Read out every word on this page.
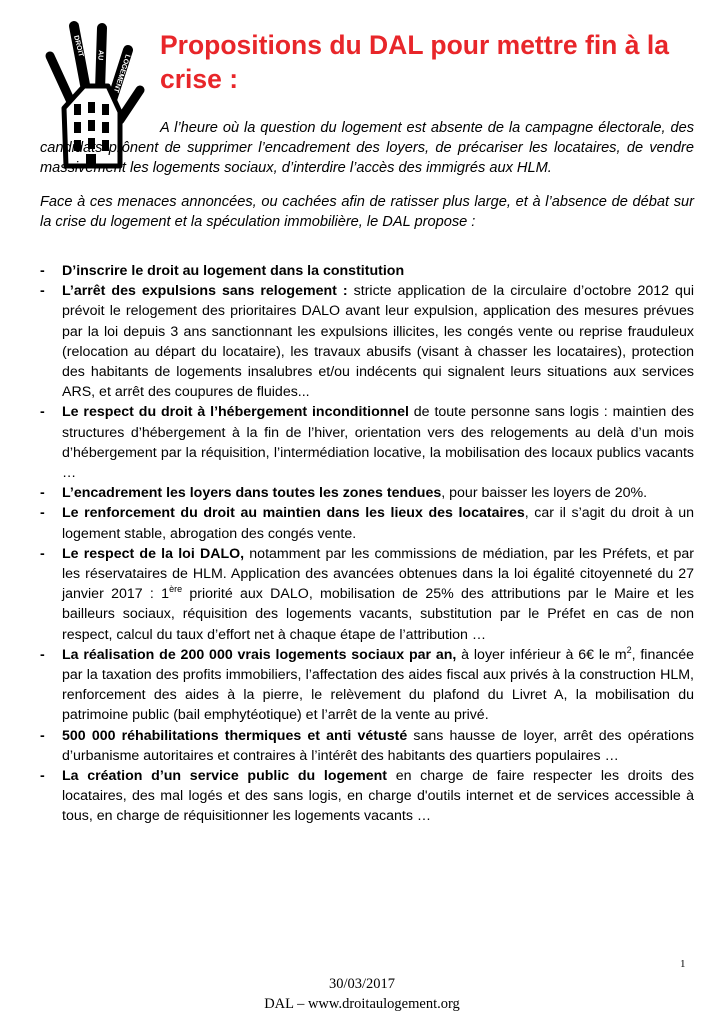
DROIT AU LOGEMENT
Propositions du DAL pour mettre fin à la crise :

A l’heure où la question du logement est absente de la campagne électorale, des candidats prônent de supprimer l’encadrement des loyers, de précariser les locataires, de vendre massivement les logements sociaux, d’interdire l’accès des immigrés aux HLM.

Face à ces menaces annoncées, ou cachées afin de ratisser plus large, et à l’absence de débat sur la crise du logement et la spéculation immobilière, le DAL propose :

- D’inscrire le droit au logement dans la constitution
- L’arrêt des expulsions sans relogement : stricte application de la circulaire d’octobre 2012 qui prévoit le relogement des prioritaires DALO avant leur expulsion, application des mesures prévues par la loi depuis 3 ans sanctionnant les expulsions illicites, les congés vente ou reprise frauduleux (relocation au départ du locataire), les travaux abusifs (visant à chasser les locataires), protection des habitants de logements insalubres et/ou indécents qui signalent leurs situations aux services ARS, et arrêt des coupures de fluides...
- Le respect du droit à l’hébergement inconditionnel de toute personne sans logis : maintien des structures d’hébergement à la fin de l’hiver, orientation vers des relogements au delà d’un mois d’hébergement par la réquisition, l’intermédiation locative, la mobilisation des locaux publics vacants …
- L’encadrement les loyers dans toutes les zones tendues, pour baisser les loyers de 20%.
- Le renforcement du droit au maintien dans les lieux des locataires, car il s’agit du droit à un logement stable, abrogation des congés vente.
- Le respect de la loi DALO, notamment par les commissions de médiation, par les Préfets, et par les réservataires de HLM. Application des avancées obtenues dans la loi égalité citoyenneté du 27 janvier 2017 : 1ère priorité aux DALO, mobilisation de 25% des attributions par le Maire et les bailleurs sociaux, réquisition des logements vacants, substitution par le Préfet en cas de non respect, calcul du taux d’effort net à chaque étape de l’attribution …
- La réalisation de 200 000 vrais logements sociaux par an, à loyer inférieur à 6€ le $m^2$, financée par la taxation des profits immobiliers, l’affectation des aides fiscal aux privés à la construction HLM, renforcement des aides à la pierre, le relèvement du plafond du Livret A, la mobilisation du patrimoine public (bail emphytéotique) et l’arrêt de la vente au privé.
- 500 000 réhabilitations thermiques et anti vétusté sans hausse de loyer, arrêt des opérations d’urbanisme autoritaires et contraires à l’intérêt des habitants des quartiers populaires …
- La création d’un service public du logement en charge de faire respecter les droits des locataires, des mal logés et des sans logis, en charge d'outils internet et de services accessible à tous, en charge de réquisitionner les logements vacants …
1
30/03/2017
DAL – www.droitaulogement.org
